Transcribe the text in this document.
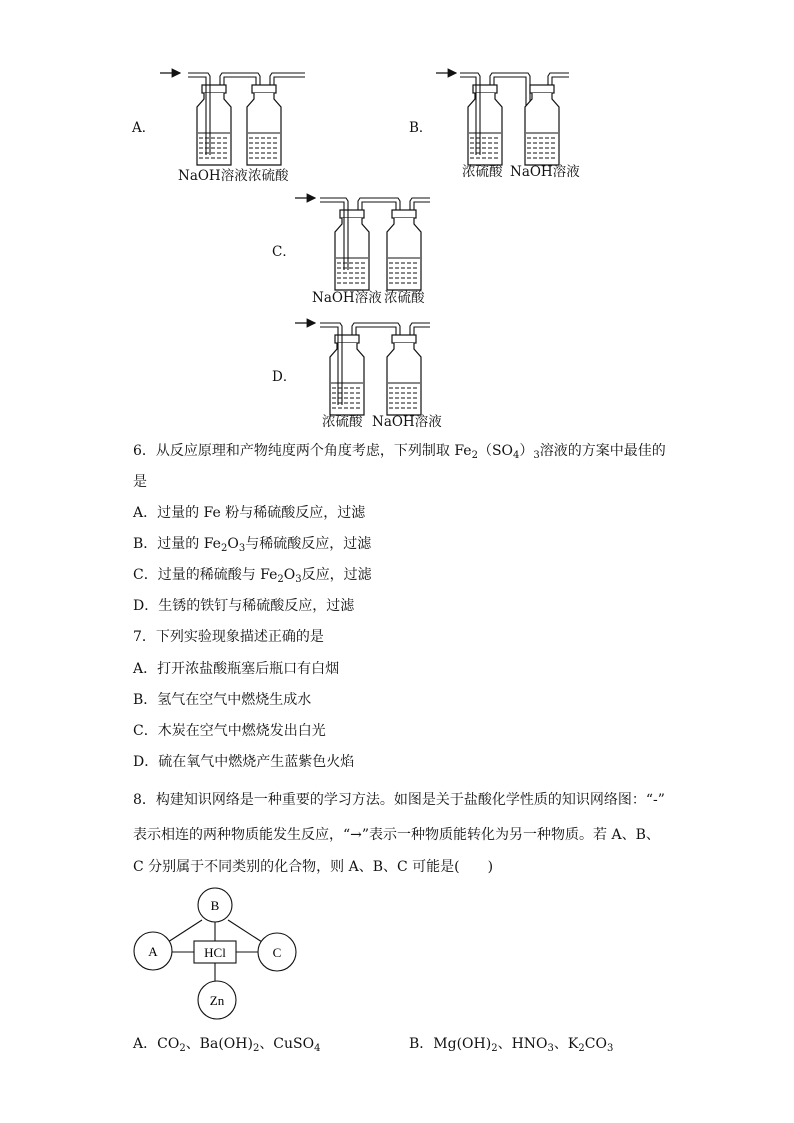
A．
NaOH溶液 浓硫酸
B．
浓硫酸 NaOH溶液
C．
NaOH溶液 浓硫酸
D．
浓硫酸 NaOH溶液
6．从反应原理和产物纯度两个角度考虑，下列制取 $Fe_2(SO_4)_3$溶液的方案中最佳的
是
A．过量的 Fe 粉与稀硫酸反应，过滤
B．过量的 $Fe_2O_3$与稀硫酸反应，过滤
C．过量的稀硫酸与 $Fe_2O_3$反应，过滤
D．生锈的铁钉与稀硫酸反应，过滤
7．下列实验现象描述正确的是
A．打开浓盐酸瓶塞后瓶口有白烟
B．氢气在空气中燃烧生成水
C．木炭在空气中燃烧发出白光
D．硫在氧气中燃烧产生蓝紫色火焰
8．构建知识网络是一种重要的学习方法。如图是关于盐酸化学性质的知识网络图：“-”
表示相连的两种物质能发生反应，“→”表示一种物质能转化为另一种物质。若 A、B、
C 分别属于不同类别的化合物，则 A、B、C 可能是(　　)
B
A	C
HCl
Zn
A．$CO_2$、$Ba(OH)_2$、CuSO$_4$	B．$Mg(OH)_2$、$HNO_3$、$K_2CO_3$
